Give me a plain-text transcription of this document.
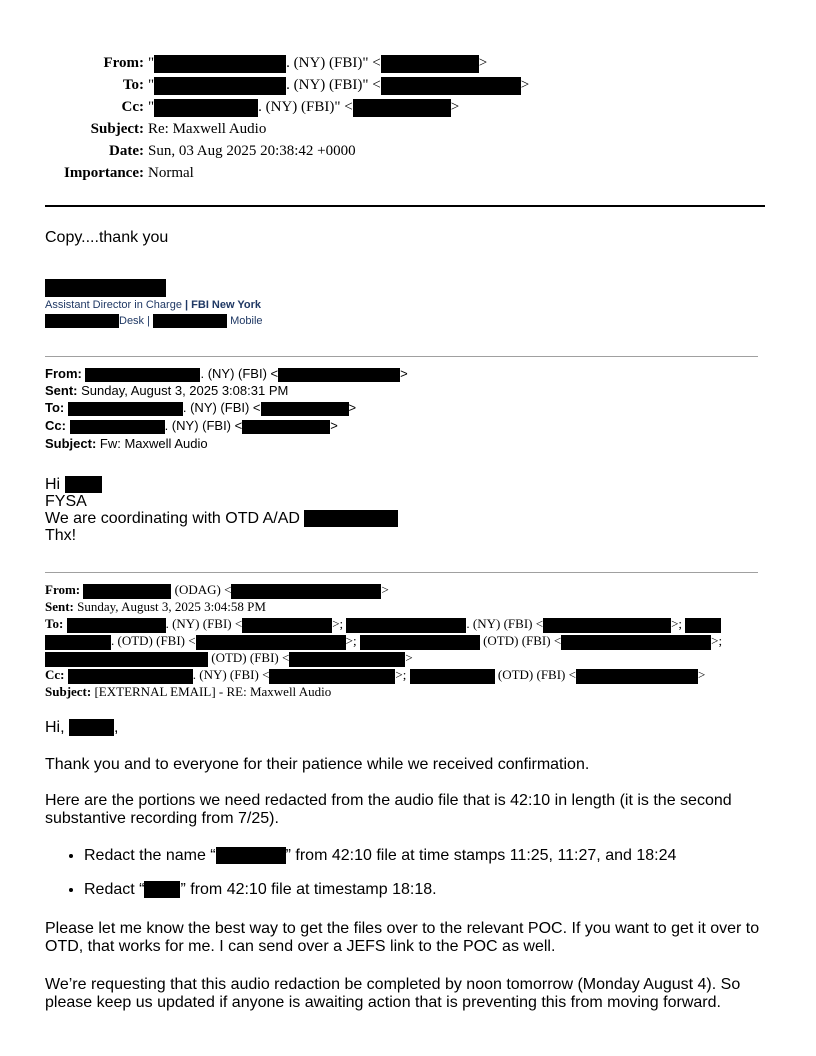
From: "	. (NY) (FBI)" <	>
To: "	. (NY) (FBI)" <	>
Cc: "	. (NY) (FBI)" <	>
Subject: Re: Maxwell Audio
Date: Sun, 03 Aug 2025 20:38:42 +0000
Importance: Normal
Copy....thank you
Assistant Director in Charge | FBI New York
Desk |	Mobile
From:	. (NY) (FBI) <	>
Sent: Sunday, August 3, 2025 3:08:31 PM
To:	. (NY) (FBI) <	>
Cc:	. (NY) (FBI) <	>
Subject: Fw: Maxwell Audio
Hi
FYSA
We are coordinating with OTD A/AD
Thx!
From:	(ODAG) <	>
Sent: Sunday, August 3, 2025 3:04:58 PM
To:	. (NY) (FBI) <	>;	. (NY) (FBI) <	>;
. (OTD) (FBI) <	>;	(OTD) (FBI) <	>;
(OTD) (FBI) <	>
Cc:	. (NY) (FBI) <	>;	(OTD) (FBI) <	>
Subject: [EXTERNAL EMAIL] - RE: Maxwell Audio
Hi,	,
Thank you and to everyone for their patience while we received confirmation.
Here are the portions we need redacted from the audio file that is 42:10 in length (it is the second
substantive recording from 7/25).
• Redact the name “	” from 42:10 file at time stamps 11:25, 11:27, and 18:24
• Redact “ ” from 42:10 file at timestamp 18:18.
Please let me know the best way to get the files over to the relevant POC. If you want to get it over to
OTD, that works for me. I can send over a JEFS link to the POC as well.
We’re requesting that this audio redaction be completed by noon tomorrow (Monday August 4). So
please keep us updated if anyone is awaiting action that is preventing this from moving forward.
